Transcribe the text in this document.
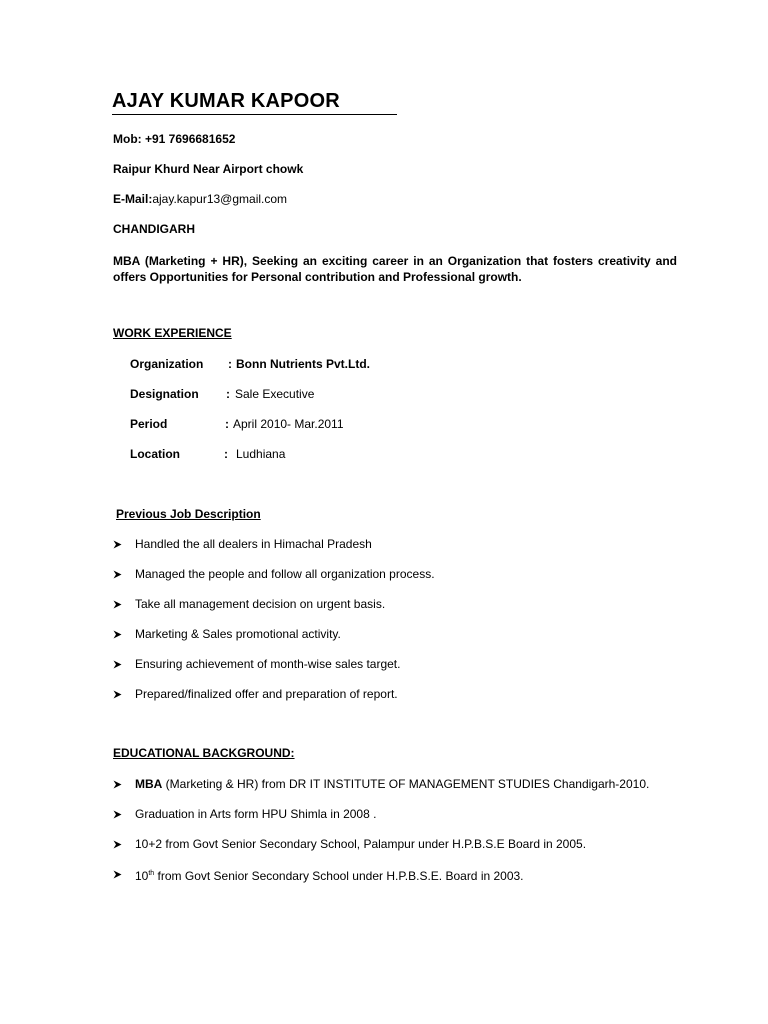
AJAY KUMAR KAPOOR
Mob: +91 7696681652
Raipur Khurd Near Airport chowk
E-Mail:ajay.kapur13@gmail.com
CHANDIGARH
MBA (Marketing + HR), Seeking an exciting career in an Organization that fosters creativity and offers Opportunities for Personal contribution and Professional growth.
WORK EXPERIENCE
Organization : Bonn Nutrients Pvt.Ltd.
Designation : Sale Executive
Period	: April 2010- Mar.2011
Location	: Ludhiana
Previous Job Description
Handled the all dealers in Himachal Pradesh
Managed the people and follow all organization process.
Take all management decision on urgent basis.
Marketing & Sales promotional activity.
Ensuring achievement of month-wise sales target.
Prepared/finalized offer and preparation of report.
EDUCATIONAL BACKGROUND:
MBA (Marketing & HR) from DR IT INSTITUTE OF MANAGEMENT STUDIES Chandigarh-2010.
Graduation in Arts form HPU Shimla in 2008 .
10+2 from Govt Senior Secondary School, Palampur under H.P.B.S.E Board in 2005.
10th from Govt Senior Secondary School under H.P.B.S.E. Board in 2003.
